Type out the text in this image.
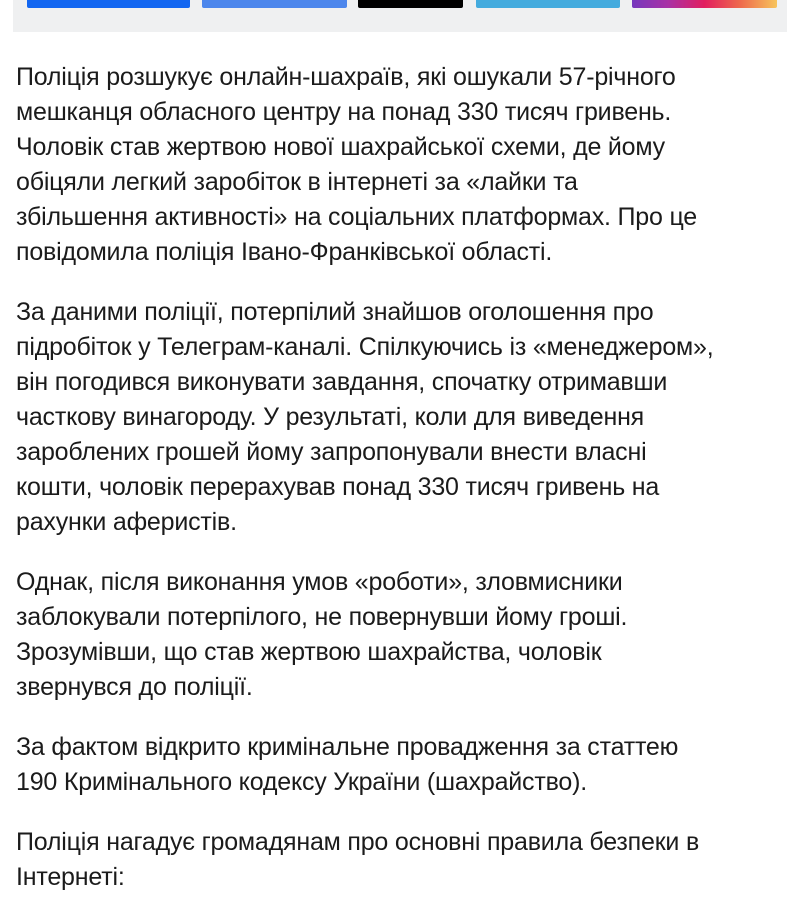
Поліція розшукує онлайн-шахраїв, які ошукали 57-річного
мешканця обласного центру на понад 330 тисяч гривень.
Чоловік став жертвою нової шахрайської схеми, де йому
обіцяли легкий заробіток в інтернеті за «лайки та
збільшення активності» на соціальних платформах. Про це
повідомила поліція Івано-Франківської області.
За даними поліції, потерпілий знайшов оголошення про
підробіток у Телеграм-каналі. Спілкуючись із «менеджером»,
він погодився виконувати завдання, спочатку отримавши
часткову винагороду. У результаті, коли для виведення
зароблених грошей йому запропонували внести власні
кошти, чоловік перерахував понад 330 тисяч гривень на
рахунки аферистів.
Однак, після виконання умов «роботи», зловмисники
заблокували потерпілого, не повернувши йому гроші.
Зрозумівши, що став жертвою шахрайства, чоловік
звернувся до поліції.
За фактом відкрито кримінальне провадження за статтею
190 Кримінального кодексу України (шахрайство).
Поліція нагадує громадянам про основні правила безпеки в
Інтернеті:
